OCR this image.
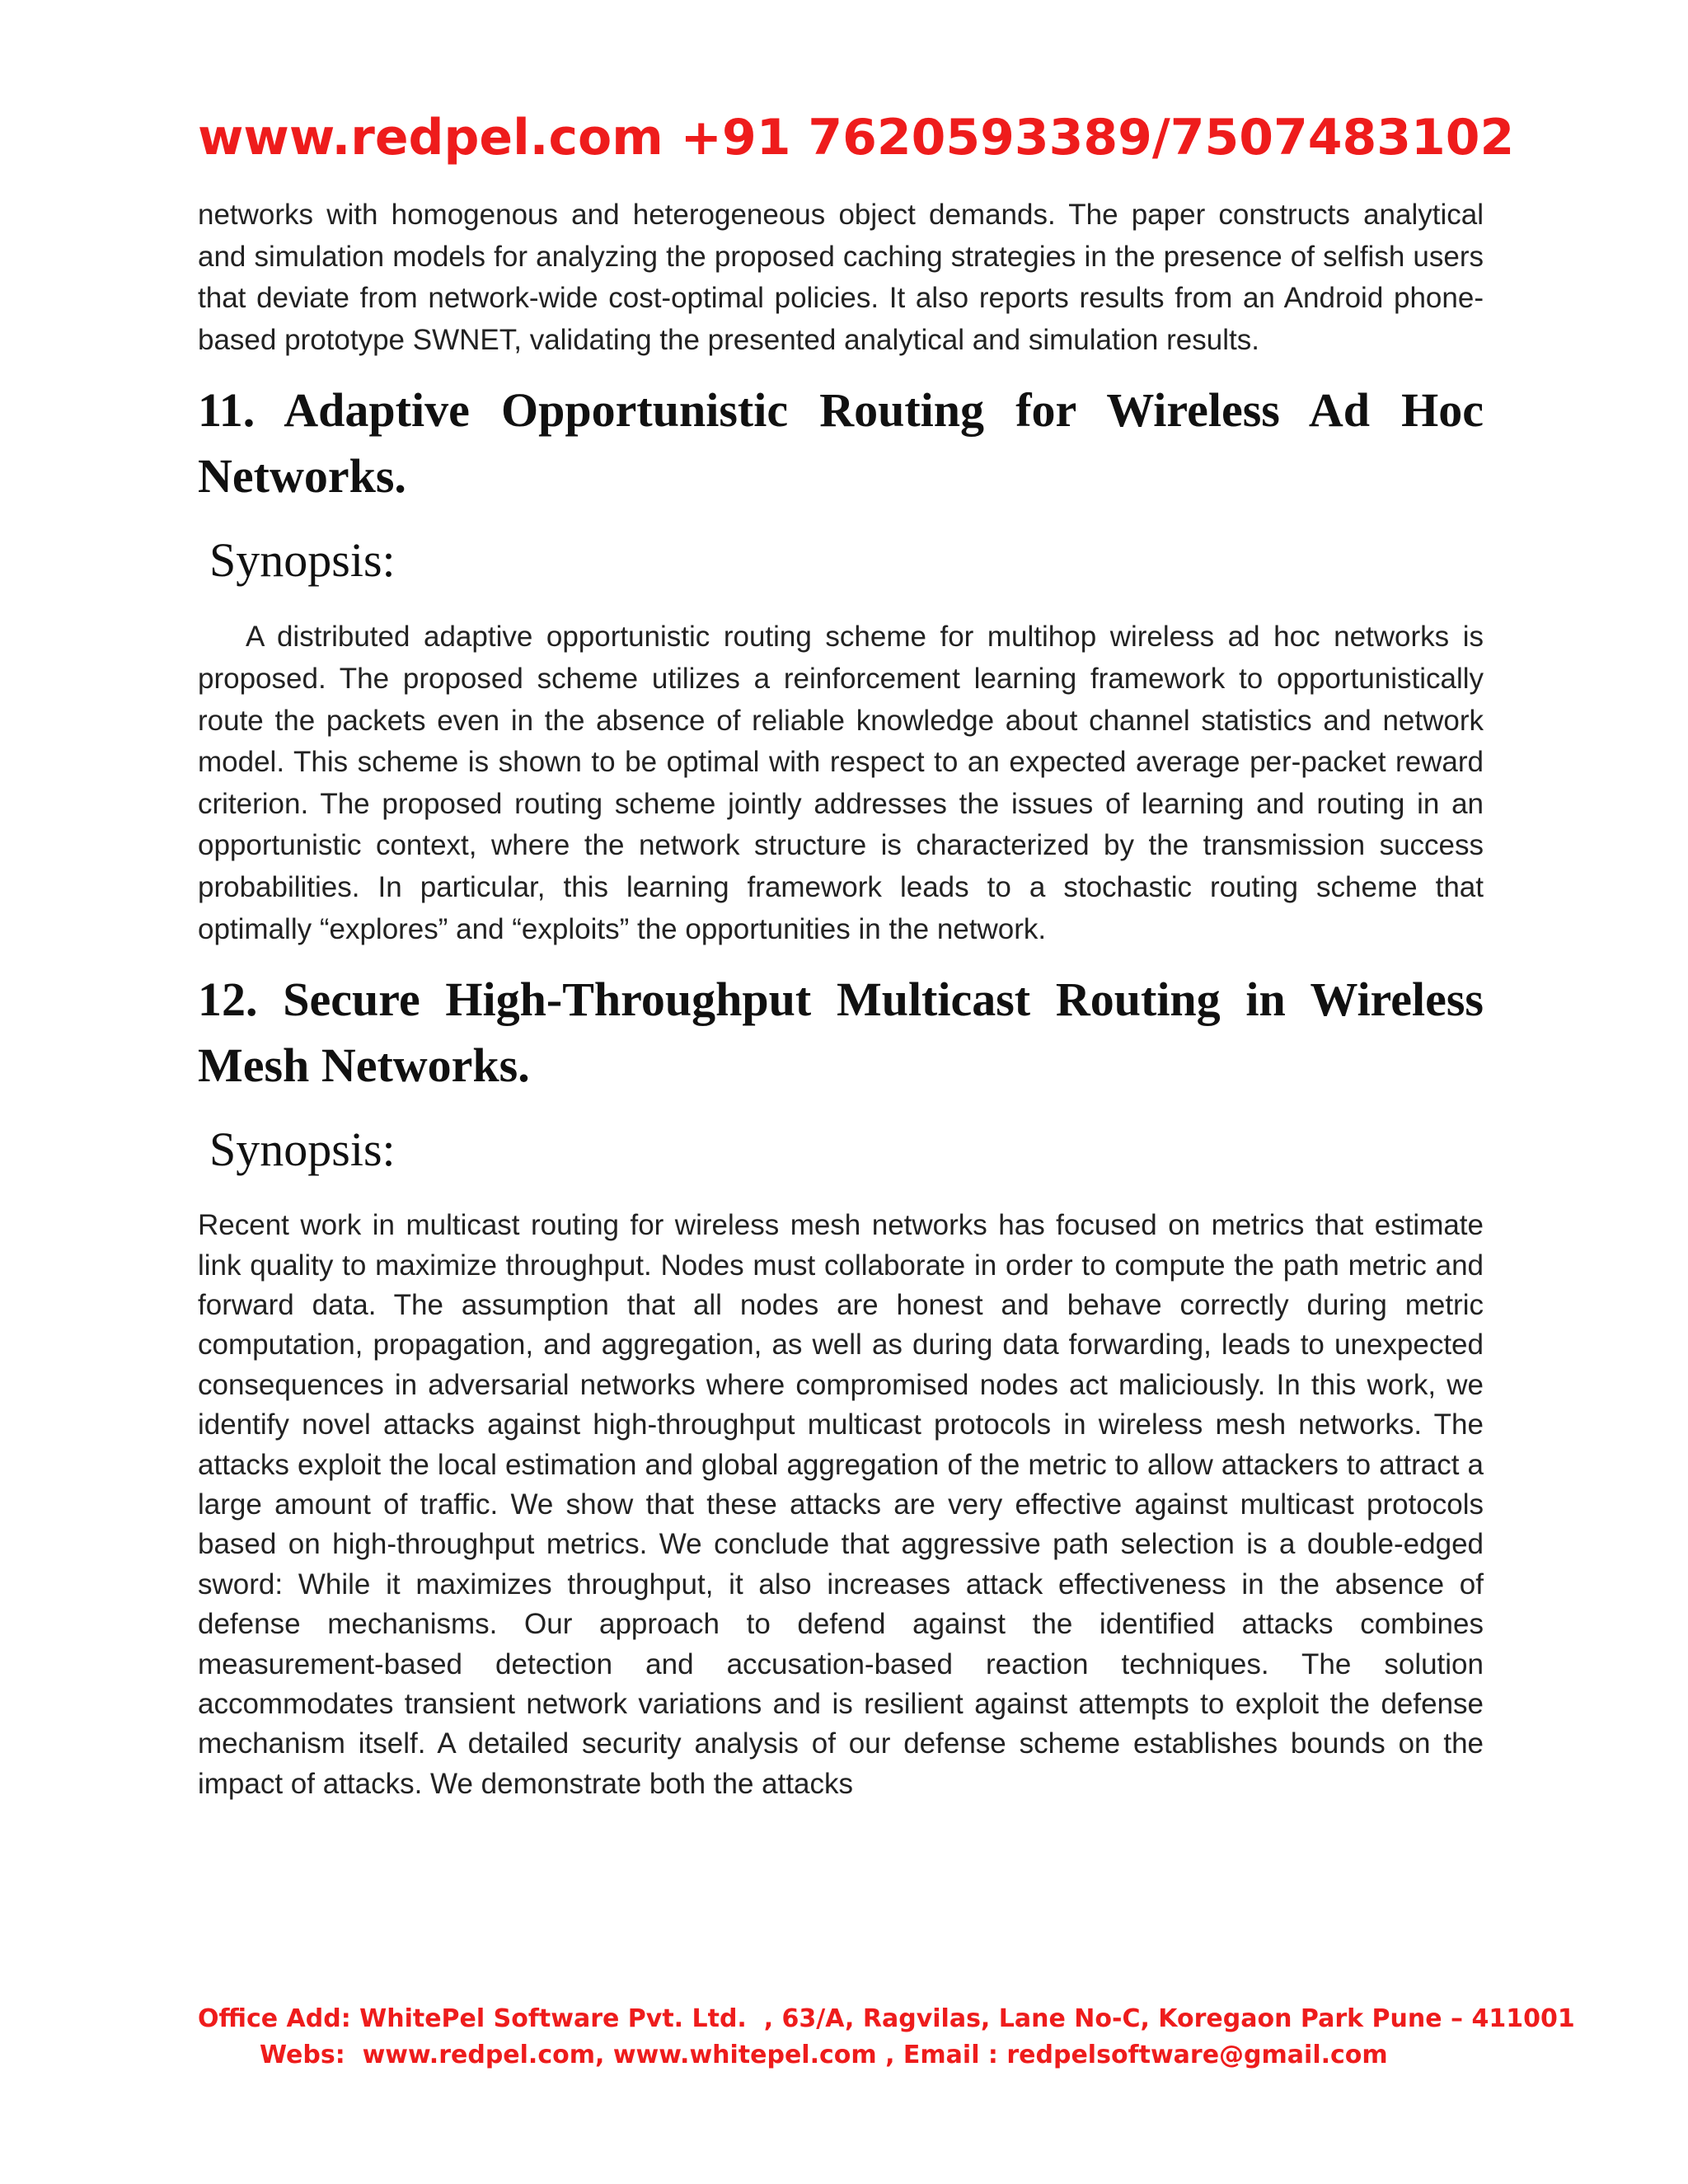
www.redpel.com +91 7620593389/7507483102

networks with homogenous and heterogeneous object demands. The paper constructs analytical and simulation models for analyzing the proposed caching strategies in the presence of selfish users that deviate from network-wide cost-optimal policies. It also reports results from an Android phone-based prototype SWNET, validating the presented analytical and simulation results.

11. Adaptive Opportunistic Routing for Wireless Ad Hoc Networks.
Synopsis:

A distributed adaptive opportunistic routing scheme for multihop wireless ad hoc networks is proposed. The proposed scheme utilizes a reinforcement learning framework to opportunistically route the packets even in the absence of reliable knowledge about channel statistics and network model. This scheme is shown to be optimal with respect to an expected average per-packet reward criterion. The proposed routing scheme jointly addresses the issues of learning and routing in an opportunistic context, where the network structure is characterized by the transmission success probabilities. In particular, this learning framework leads to a stochastic routing scheme that optimally “explores” and “exploits” the opportunities in the network.

12. Secure High-Throughput Multicast Routing in Wireless Mesh Networks.
Synopsis:

Recent work in multicast routing for wireless mesh networks has focused on metrics that estimate link quality to maximize throughput. Nodes must collaborate in order to compute the path metric and forward data. The assumption that all nodes are honest and behave correctly during metric computation, propagation, and aggregation, as well as during data forwarding, leads to unexpected consequences in adversarial networks where compromised nodes act maliciously. In this work, we identify novel attacks against high-throughput multicast protocols in wireless mesh networks. The attacks exploit the local estimation and global aggregation of the metric to allow attackers to attract a large amount of traffic. We show that these attacks are very effective against multicast protocols based on high-throughput metrics. We conclude that aggressive path selection is a double-edged sword: While it maximizes throughput, it also increases attack effectiveness in the absence of defense mechanisms. Our approach to defend against the identified attacks combines measurement-based detection and accusation-based reaction techniques. The solution accommodates transient network variations and is resilient against attempts to exploit the defense mechanism itself. A detailed security analysis of our defense scheme establishes bounds on the impact of attacks. We demonstrate both the attacks

Office Add: WhitePel Software Pvt. Ltd.  , 63/A, Ragvilas, Lane No-C, Koregaon Park Pune – 411001
Webs:  www.redpel.com, www.whitepel.com , Email : redpelsoftware@gmail.com
